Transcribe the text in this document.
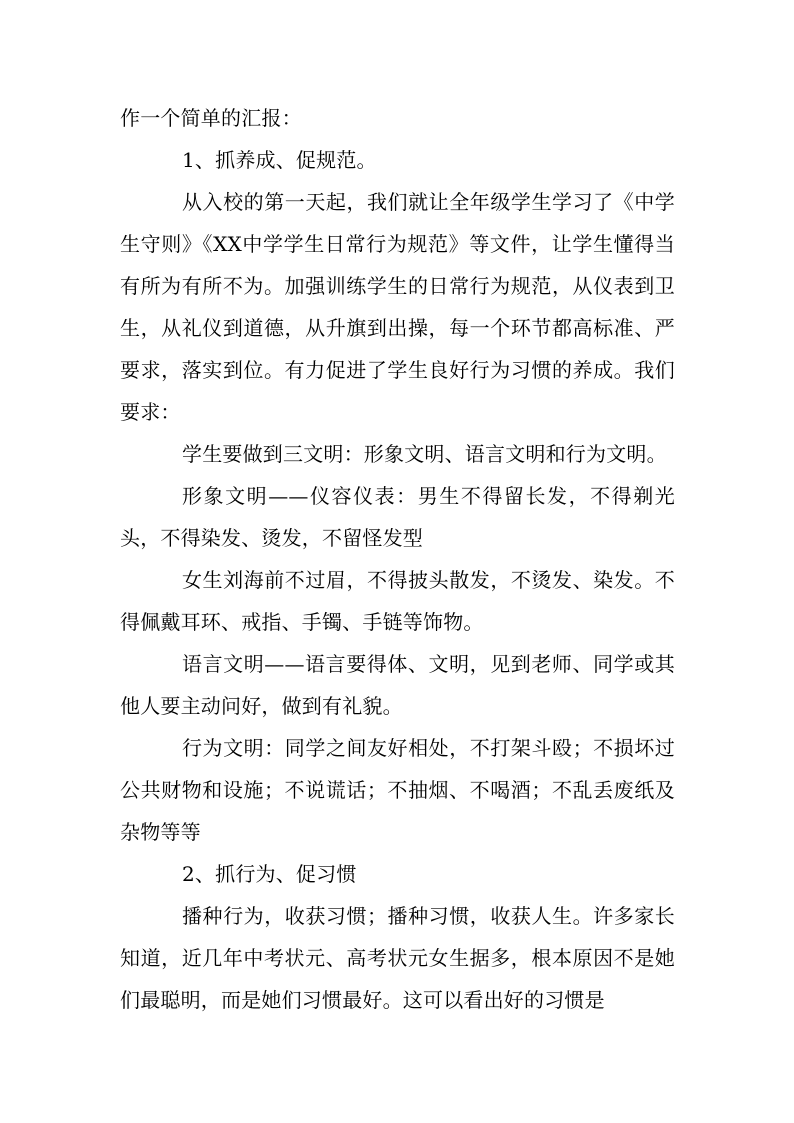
作一个简单的汇报：

1、抓养成、促规范。

从入校的第一天起，我们就让全年级学生学习了《中学生守则》《XX中学学生日常行为规范》等文件，让学生懂得当有所为有所不为。加强训练学生的日常行为规范，从仪表到卫生，从礼仪到道德，从升旗到出操，每一个环节都高标准、严要求，落实到位。有力促进了学生良好行为习惯的养成。我们要求：

学生要做到三文明：形象文明、语言文明和行为文明。

形象文明——仪容仪表：男生不得留长发，不得剃光头，不得染发、烫发，不留怪发型

女生刘海前不过眉，不得披头散发，不烫发、染发。不得佩戴耳环、戒指、手镯、手链等饰物。

语言文明——语言要得体、文明，见到老师、同学或其他人要主动问好，做到有礼貌。

行为文明：同学之间友好相处，不打架斗殴；不损坏过公共财物和设施；不说谎话；不抽烟、不喝酒；不乱丢废纸及杂物等等

2、抓行为、促习惯

播种行为，收获习惯；播种习惯，收获人生。许多家长知道，近几年中考状元、高考状元女生据多，根本原因不是她们最聪明，而是她们习惯最好。这可以看出好的习惯是
